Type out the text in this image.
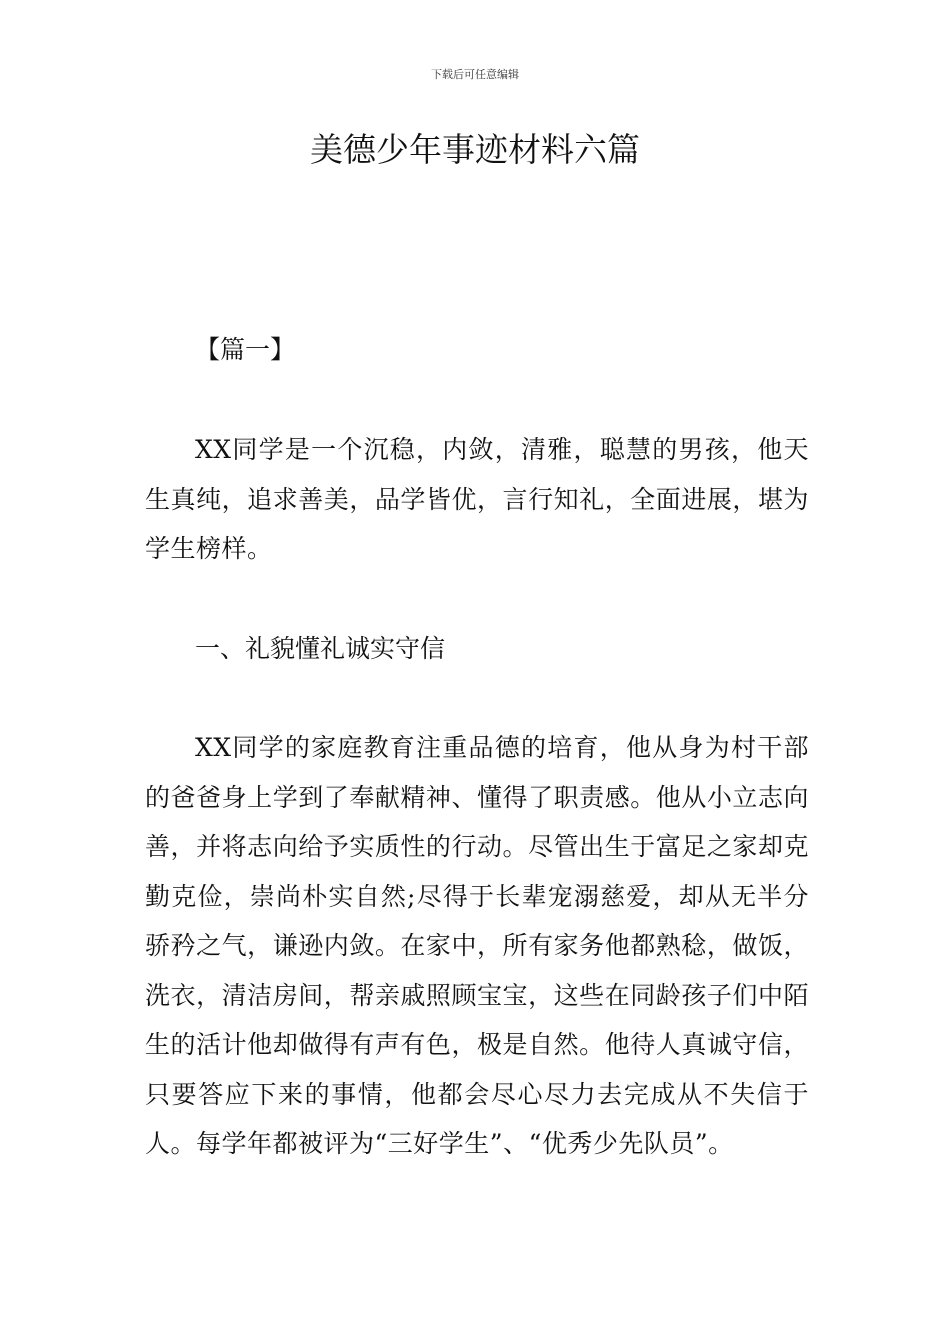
下载后可任意编辑
美德少年事迹材料六篇
【篇一】

XX同学是一个沉稳，内敛，清雅，聪慧的男孩，他天生真纯，追求善美，品学皆优，言行知礼，全面进展，堪为学生榜样。

一、礼貌懂礼诚实守信

XX同学的家庭教育注重品德的培育，他从身为村干部的爸爸身上学到了奉献精神、懂得了职责感。他从小立志向善，并将志向给予实质性的行动。尽管出生于富足之家却克勤克俭，崇尚朴实自然;尽得于长辈宠溺慈爱，却从无半分骄矜之气，谦逊内敛。在家中，所有家务他都熟稔，做饭，洗衣，清洁房间，帮亲戚照顾宝宝，这些在同龄孩子们中陌生的活计他却做得有声有色，极是自然。他待人真诚守信，只要答应下来的事情，他都会尽心尽力去完成从不失信于人。每学年都被评为“三好学生”、“优秀少先队员”。
